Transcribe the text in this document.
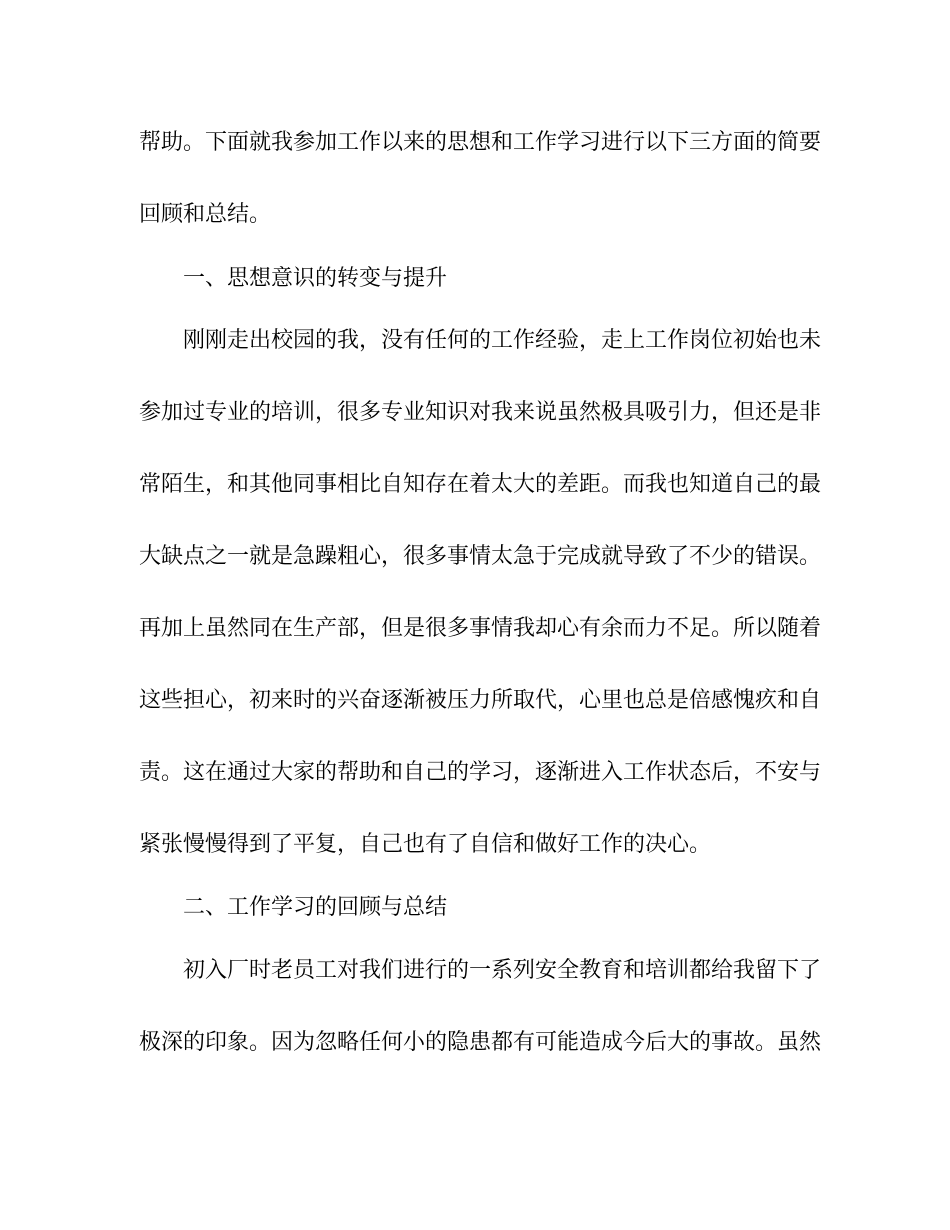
帮助。下面就我参加工作以来的思想和工作学习进行以下三方面的简要

回顾和总结。

一、思想意识的转变与提升

刚刚走出校园的我，没有任何的工作经验，走上工作岗位初始也未

参加过专业的培训，很多专业知识对我来说虽然极具吸引力，但还是非

常陌生，和其他同事相比自知存在着太大的差距。而我也知道自己的最

大缺点之一就是急躁粗心，很多事情太急于完成就导致了不少的错误。

再加上虽然同在生产部，但是很多事情我却心有余而力不足。所以随着

这些担心，初来时的兴奋逐渐被压力所取代，心里也总是倍感愧疚和自

责。这在通过大家的帮助和自己的学习，逐渐进入工作状态后，不安与

紧张慢慢得到了平复，自己也有了自信和做好工作的决心。

二、工作学习的回顾与总结

初入厂时老员工对我们进行的一系列安全教育和培训都给我留下了

极深的印象。因为忽略任何小的隐患都有可能造成今后大的事故。虽然
